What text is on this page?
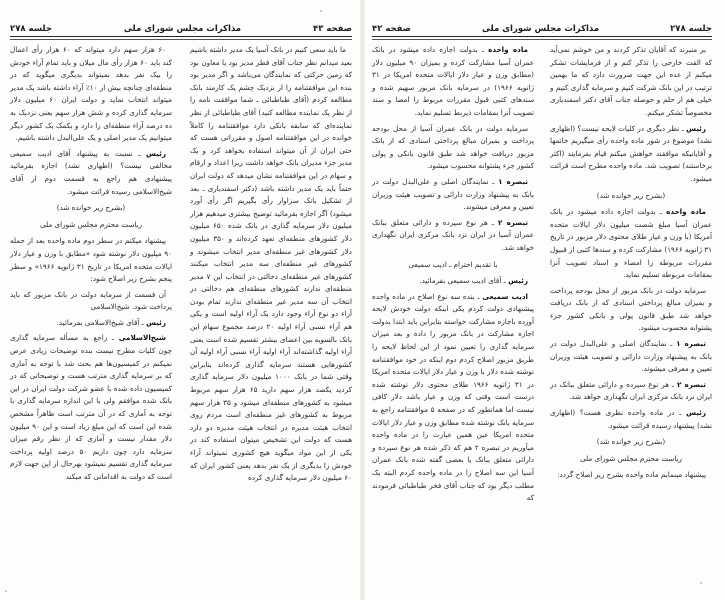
صفحه ۴۳
مذاکرات مجلس شورای ملی
جلسه ۲۷۸
ما باید سعی کنیم در بانک آسیا یک مدیر داشته باشیم بعید میدانم نظر جناب آقای فطر مدیر بود یا معاون بود که زمین حرکتی که نمایندگان می‌باشد و اگر مدیر بود بنده این موافقتنامه را از نزدیک چشم یک کارمند بانک مطالعه کردم (آقای طباطبائی ـ شما موافقت نامه را از نظر یک نماینده مطالعه کنید) آقای طباطبائی از نظر نماینده‌ای که سابقه بانکی دارد موافقتنامه را کاملاً خوانده در این موافقتنامه اصول و مقرراتی هست که حتی ایران از آن میتواند استفاده بخواهد کرد و یک مدیر جزء مدیران بانک خواهد داشت زیرا اعداد و ارقام و سهام در این موافقتنامه نشان میدهد که دولت ایران حتماً باید یک مدیر داشته باشد (دکتر اسفندیاری ـ بعد از تشکیل بانک سزاوار رأی بگیریم اگر رأی آورد میشود) اگر اجازه بفرمائید توضیح بیشتری میدهیم هزار میلیون دلار سرمایه گذاری در بانک شده ۶۵۰ میلیون دلار کشورهای منطقه‌ای تعهد کرده‌اند و ۳۵۰ میلیون دلار کشورهای غیر منطقه‌ای مدیر انتخاب میشوند و کشورهای غیر منطقه‌ای سه مدیر انتخاب میکنند کشورهای غیر منطقه‌ای دخالتی در انتخاب این ۷ مدیر منطقه‌ای ندارند کشورهای منطقه‌ای هم دخالتی در انتخاب آن سه مدیر غیر منطقه‌ای ندارند تمام بودن آراء دو نوع آراء وجود دارد یک آراء اولیه است و یکی هم آراء نسبی آراء اولیه ۲۰ درصد مجموع سهام این بانک بالسویه بین اعضای بیشتر تقسیم شده است یعنی آراء اولیه گذاشته‌اند آراء اولیه آراء نسبی آراء اولیه آن کشورهایی هستند سرمایه گذاری کرده‌اند بنابراین وقتی شما در بانک ۱۰۰۰ میلیون دلار سرمایه گذاری کردید یکصد هزار سهم دارید ۶۵ هزار سهم مربوط میشود به کشورهای منطقه‌ای میشود و ۳۵ هزار سهم مربوط به کشورهای غیر منطقه‌ای است مردم روی انتخاب هیئت مدیره در انتخاب هیئت مدیره دو دارد هست که دولت این تشخیص میتوان استفاده کند در یکی از این مواد میگوید هیچ کشوری نمیتواند آراء خودش را بدیگری از یک نفر بدهد یعنی کشور ایران که ۶۰ میلیون دلار سرمایه گذاری کرده
۶۰ هزار سهم دارد میتواند که ۶۰ هزار رأی اعمال کند باید ۶۰ هزار رأی مال میلان و باید تمام آراء خودش را بیک نفر بدهد نمیتواند بدیگری میگوید که در منطقه‌ای چنانچه بیش از ۱۰٪ آراء داشته باشد یک مدیر میتواند انتخاب نماید و دولت ایران ۶۰ میلیون دلار سرمایه گذاری کرده و شش هزار سهم یعنی نزدیک به ده درصد آراء منطقه‌ای را دارد و بکمک یک کشور دیگر میتوانیم یک مدیر اصلی و یک علی‌البدل داشته باشیم.
رئیس ـ نسبت به پیشنهاد آقای ادیب سمیعی مخالفی نیست؟ (اظهاری نشد) اجازه بفرمائید پیشنهادی هم راجع به قسمت دوم از آقای شیخ‌الاسلامی رسیده قرائت میشود.
(بشرح زیر خوانده شد)
ریاست محترم مجلس شورای ملی
پیشنهاد میکنم در سطر دوم ماده واحده بعد از جمله ۹۰ میلیون دلار نوشته شود «مطابق با وزن و عیار دلار ایالات متحده امریکا در تاریخ ۳۱ ژانویه ۱۹۶۶» و سطر پنجم بشرح زیر اصلاح شود:
آن قسمت از سرمایه دولت در بانک مزبور که باید پرداخت شود. شیخ‌الاسلامی
رئیس ـ آقای شیخ‌الاسلامی بفرمائید.
شیخ‌الاسلامی ـ راجع به مسأله سرمایه گذاری چون کلیات مطرح نیست بنده توضیحات زیادی عرض نمیکنم در کمیسیون‌ها هم بحث شد با توجه به آماری که بر سرمایه گذاری مترتب هست و توضیحاتی که در کمیسیون داده شده با عضو شرکت دولت ایران در این بانک شده موافقم ولی با این اندازه سرمایه گذاری با توجه به آماری که در آن مترتب است ظاهراً مشخص شده این است که این مبلغ زیاد است و این ۹۰ میلیون دلار مقدار نیست و آماری که از نظر رقم میزان سرمایه دارد چون داریم ۵۰ درصد اولیه پرداخت سرمایه گذاری تقسیم نمیشود بهرحال از این جهت لازم است که دولت به اقداماتی که میکند
جلسه ۲۷۸
مذاکرات مجلس شورای ملی
صفحه ۴۲
بر منبرند که آقایان تذکر کردند و من خوشم نمی‌آید که الفت خارجی را تذکر کنم و از فرمایشات تشکر میکنم از عده این جهت ضرورت دارد که ما بهمین ترتیب در این بانک شرکت کنیم و سرمایه گذاری کنیم و خیلی هم از حلم و حوصله جناب آقای دکتر اسفندیاری مخصوصاً تشکر میکنم.
رئیس ـ نظر دیگری در کلیات لایحه نیست؟ (اظهاری نشد) موضوع در شور ماده واحده رأی میگیریم خانمها و آقایانیکه موافقند خواهش میکنم قیام بفرمایند (اکثر برخاستند) تصویب شد. ماده واحده مطرح است قرائت میشود.
(بشرح زیر خوانده شد)
ماده واحده ـ بدولت اجازه داده میشود در بانک عمران آسیا مبلغ شصت میلیون دلار ایالات متحده آمریکا (با وزن و عیار طلای محتوی دلار مزبور در تاریخ ۳۱ ژانویه ۱۹۶۶) مشارکت کرده و سندها کتبی از قبیول مقررات مربوطه را امضاء و اسناد تصویب آنرا بمقامات مربوطه تسلیم نماید.
سرمایه دولت در بانک مزبور از محل بودجه پرداخت و بمیزان مبالغ پرداختی اسنادی که از بانک دریافت خواهد شد طبق قانون پولی و بانکی کشور جزء پشتوانه محسوب میشود.
تبصره ۱ ـ نمایندگان اصلی و علی‌البدل دولت در بانک به پیشنهاد وزارت دارائی و تصویب هیئت وزیران تعیین و معرفی میشوند.
تبصره ۲ ـ هر نوع سپرده و دارائی متعلق ببانک در ایران نزد بانک مرکزی ایران نگهداری خواهد شد.
رئیس ـ در ماده واحده نظری هست؟ (اظهاری نشد) پیشنهاد رسیده قرائت میشود.
(بشرح زیر خوانده شد)
ریاست محترم مجلس شورای ملی
پیشنهاد مینمایم ماده واحده بشرح زیر اصلاح گردد:
ماده واحده ـ بدولت اجازه داده میشود در بانک عمران آسیا مشارکت کرده و بمیزان ۹۰ میلیون دلار (مطابق وزن و عیار دلار ایالات متحده امریکا در ۳۱ ژانویه ۱۹۶۶) در سرمایه بانک مزبور سهیم شده و سندهای کتبی قبول مقررات مربوط را امضا و سند تصویب آنرا بمقامات ذیربط تسلیم نماید.
سرمایه دولت در بانک عمران آسیا از محل بودجه پرداخت و بمیزان مبالغ پرداختی اسنادی که از بانک مزبور دریافت خواهد شد طبق قانون بانکی و پولی کشور جزء پشتوانه محسوب میشود.
تبصره ۱ ـ نمایندگان اصلی و علی‌البدل دولت در بانک به پیشنهاد وزارت دارائی و تصویب هیئت وزیران تعیین و معرفی میشوند.
تبصره ۲ ـ هر نوع سپرده و دارائی متعلق ببانک عمران آسیا در ایران نزد بانک مرکزی ایران نگهداری خواهد شد.
با تقدیم احترام ـ ادیب سمیعی
رئیس ـ آقای ادیب سمیعی بفرمائید.
ادیب سمیعی ـ بنده سه نوع اصلاح در ماده واحده پیشنهادی دولت کردم یکی اینکه دولت خودش لایحه آورده باجازه مشارکت خواسته بنابراین باید ابتدا بدولت اجازه مشارکت در بانک مزبور را داده و بعد میزان سرمایه گذاری را تعیین نمود از این لحاظ لایحه را طریق مزبور اصلاح کردم دوم اینکه در خود موافقتنامه نوشته شده دلار با وزن و عیار دلار ایالات متحده امریکا در ۳۱ ژانویه ۱۹۶۶ طلای محتوی دلار نوشته شده درست است وقتی که وزن و عیار باشد دلار کافی نیست اما همانطور که در صفحه ۵ موافقتنامه راجع به سرمایه بانک نوشته شده مطابق وزن و عیار دلار ایالات متحده امریکا عین همین عبارت را در ماده واحده میآوریم در تبصره ۲ هم که ذکر شده هر نوع سپرده و دارائی متعلق ببانک یا بعضی گفته شده بانک عمران آسیا این سه اصلاح را در ماده واحده کردم البته یک مطلب دیگر بود که جناب آقای فخر طباطبائی فرمودند که
